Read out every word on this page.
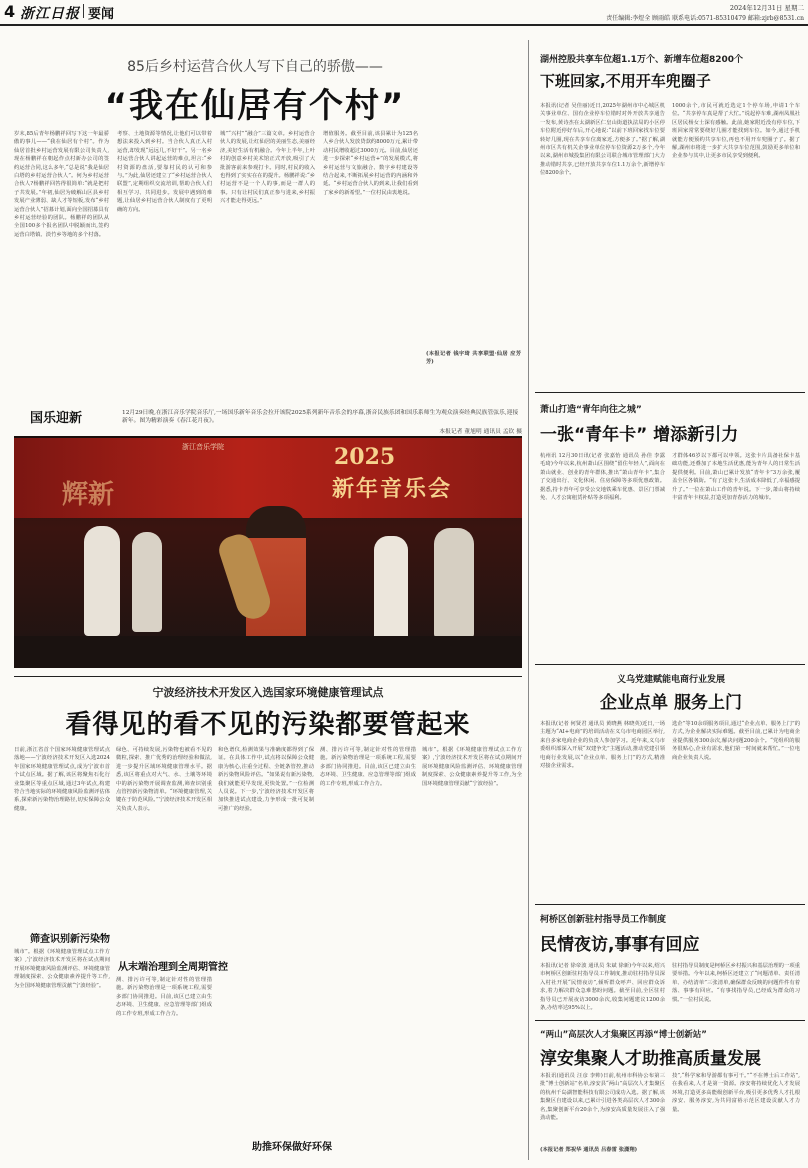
4 浙江日报 要闻	2024年12月31日 星期二
责任编辑:李煜全 顾雨皓 联系电话:0571-85310479 邮箱:zjrb@8531.cn
85后乡村运营合伙人写下自己的骄傲——
“我在仙居有个村”
岁末,85后青年杨鹏祥回写下这一年最骄傲的事儿——“我在仙居有个村”。作为仙居首批乡村运营发展有限公司负责人,现在杨鹏祥在朝起作点村新办公司的签约运营合同,这么多年,“总是说”我是仙居白塔的乡村运营合伙人”。何为乡村运营合伙人?杨鹏祥回答得很简单:“就是把村子共发展。”年初,仙居为破解山区县乡村发展产业薄弱、缺人才等短板,发布“乡村运营合伙人”招募计划,面向全国招募具有乡村运营经验的团队。杨鹏祥的团队从全国100多个报名团队中脱颖而出,签约运营白塔镇、淡竹乡等地的多个村落。
考察、土地资源等情况,让他们可以带着想法来投入到乡村。当合伙人真正入村运营,却发现“远远几,不好干”。另一名乡村运营合伙人讲起运营的难点,坦言:“乡村资源的盘活,要靠村民的认可和参与。”为此,仙居还建立了“乡村运营合伙人联盟”,定期组织交流培训,帮助合伙人们相互学习、共同进步。发展中遇到的难题,让仙居乡村运营合伙人制度有了更明确的方向。
城”“兴村”“融合”三篇文章。乡村运营合伙人的发展,让红仙居的美丽生态,美丽经济,美好生活有机融合。今年上半年,上叶村的创意乡村美术馆正式开放,吸引了大批游客前来参观打卡。同时,村民的收入也得到了实实在在的提升。杨鹏祥说:“乡村运营不是一个人的事,而是一群人的事。只有让村民们真正参与进来,乡村振兴才能走得更远。”
增值服务。截至目前,该县累计为125名人乡合伙人发放贷款约8000万元,累计带动村民增收超过3000万元。目前,仙居还进一步探索“乡村运营+”的发展模式,将乡村运营与文旅融合、数字乡村建设等结合起来,不断拓展乡村运营的内涵和外延。“乡村运营合伙人的到来,让我们看到了家乡的新希望。”一位村民由衷地说。
(本报记者 钱宇琦 共享联盟·仙居 应芳芳)
湖州控股共享车位超1.1万个、新增车位超8200个
下班回家,不用开车兜圈子
本报讯(记者 吴佳丽)近日,2025年湖州市中心城区机关事业单位、国有企业停车位错时对外开放共享通告一发布,黄诗杰在太湖新区仁皇山街道执法局的小区停车位附近停好车后,开心地说:“以前下班回家找车位要转好几圈,现在共享车位离家近,方便多了。”据了解,湖州市区共有机关企事业单位停车位资源2万多个,今年以来,湖州市城投集团有限公司联合城市管理部门大力推动错时共享,已经开放共享车位1.1万余个,新增停车位8200余个。
1000余个,市民可就近选定1个停车场,申请1个车位。“共享停车真是帮了大忙。”说起停车难,湖州凤凰社区居民杨女士深有感触。此前,她家附近没有停车位,下班回家常常要绕好几圈才能找到车位。如今,通过手机就能方便预约共享车位,再也不用开车兜圈子了。据了解,湖州市将进一步扩大共享车位范围,鼓励更多单位和企业参与其中,让更多市民享受到便利。
国乐迎新	12月29日晚,在浙江音乐学院音乐厅,一场国乐新年音乐会拉开该院2025系列新年音乐会的序幕,浙音民族乐团和国乐系师生为观众演奏经典民族管弦乐,迎接新年。图为精彩演奏《春江花月夜》。
本报记者 董旭明 通讯员 孟钦 摄
辉新
2025
新年音乐会
浙江音乐学院
萧山打造“青年向往之城”
一张“青年卡” 增添新引力
杭州讯 12月30日讯(记者 张嘉怡 通讯员 孙佳 李露 毛琦)今年以来,杭州萧山区围绕“留住年轻人”,面向在萧山就业、创业的青年群体,推出“萧山青年卡”,集合了交通出行、文化休闲、住房保障等多项优惠政策。据悉,持卡青年可享受公交地铁乘车优惠、景区门票减免、人才公寓租赁补贴等多项福利。
才群体46岁以下都可以申领。这张卡片具备社保卡基础功能,还叠加了本地生活优惠,能为青年人的日常生活提供便利。目前,萧山已累计发放“青年卡”3万余张,覆盖全区各镇街。“有了这张卡,生活成本降低了,幸福感提升了。”一位在萧山工作的青年说。下一步,萧山将持续丰富青年卡权益,打造更加青春活力的城市。
义乌党建赋能电商行业发展
企业点单 服务上门
本报讯(记者 何贤君 通讯员 黄晓燕 林晓英)近日,一场主题为“AI+电商”的培训活动在义乌市电商园区举行,来自多家电商企业的负责人参加学习。近年来,义乌市委组织部深入开展“双建争先”主题活动,推动党建引领电商行业发展,以“企业点单、服务上门”的方式,精准对接企业需求。
选企”等10余项服务项目,通过“企业点单、服务上门”的方式,为企业解决实际难题。截至目前,已累计为电商企业提供服务300余次,解决问题200余个。“党组织的服务很贴心,企业有需求,他们第一时间就来帮忙。”一位电商企业负责人说。
宁波经济技术开发区入选国家环境健康管理试点
看得见的看不见的污染都要管起来
日前,浙江省首个国家环境健康管理试点落地——宁波经济技术开发区入选2024年国家环境健康管理试点,成为宁波市首个试点区域。据了解,该区将聚焦石化行业集聚区等重点区域,通过3年试点,构建符合当地实际的环境健康风险监测评估体系,探索新污染物治理路径,切实保障公众健康。
筛查识别新污染物
城市”。根据《环境健康管理试点工作方案》,宁波经济技术开发区将在试点期间开展环境健康风险监测评估、环境健康管理制度探索、公众健康素养提升等工作,为全国环境健康管理贡献“宁波经验”。
绿色、可持续发展,污染物也被看不见的微粒,探索、推广优秀的治理经验和做法,进一步提升区域环境健康管理水平。据悉,该区将重点对大气、水、土壤等环境中的新污染物开展调查监测,筛查识别重点管控新污染物清单。“环境健康管理,关键在于防范风险。”宁波经济技术开发区相关负责人表示。
从末端治理到全周期管控
测、排污许可等,制定针对性的管理措施。新污染物治理是一项系统工程,需要多部门协同推进。目前,该区已建立由生态环境、卫生健康、应急管理等部门组成的工作专班,形成工作合力。
和色谱仪,检测效果与准确度都得到了保证。在具体工作中,试点将以保障公众健康为核心,注重全过程、全链条管控,推动新污染物风险评估。“如果说有新污染物,我们就能更早发现,更快处置。”一位检测人员说。下一步,宁波经济技术开发区将加快推进试点建设,力争形成一批可复制可推广的经验。
测、排污许可等,制定针对性的管理措施。新污染物治理是一项系统工程,需要多部门协同推进。目前,该区已建立由生态环境、卫生健康、应急管理等部门组成的工作专班,形成工作合力。
城市”。根据《环境健康管理试点工作方案》,宁波经济技术开发区将在试点期间开展环境健康风险监测评估、环境健康管理制度探索、公众健康素养提升等工作,为全国环境健康管理贡献“宁波经验”。
助推环保做好环保
柯桥区创新驻村指导员工作制度
民情夜访,事事有回应
本报讯(记者 徐帝波 通讯员 朱斌 徐新)今年以来,绍兴市柯桥区创新驻村指导员工作制度,推动驻村指导员深入村社开展“民情夜访”,倾听群众呼声、回应群众诉求,着力解决群众急难愁盼问题。截至目前,全区驻村指导员已开展夜访3000余次,收集问题建议1200余条,办结率达95%以上。
驻村指导员制度是柯桥区乡村振兴和基层治理的一项重要举措。今年以来,柯桥区还建立了“问题清单、责任清单、办结清单”三张清单,确保群众反映的问题件件有着落、事事有回应。“有事找指导员,已经成为群众的习惯。”一位村民说。
“两山”高层次人才集聚区再添“博士创新站”
淳安集聚人才助推高质量发展
本报讯(通讯员 汪彦 李帅)日前,杭州市科协公布第三批“博士创新站”名单,淳安县“两山”高层次人才集聚区的杭州千岛湖智能科技有限公司成功入选。据了解,该集聚区自建设以来,已累计引进各类高层次人才300余名,集聚创新平台20余个,为淳安高质量发展注入了强劲动能。
技”,“科学家和导游都有事可干。”“不在博士后工作站”,在我看来,人才是第一资源。淳安将持续优化人才发展环境,打造更多高能级创新平台,吸引更多优秀人才扎根淳安、服务淳安,为共同富裕示范区建设贡献人才力量。
(本报记者 郑祝华 通讯员 吕春雷 张潇翔)
